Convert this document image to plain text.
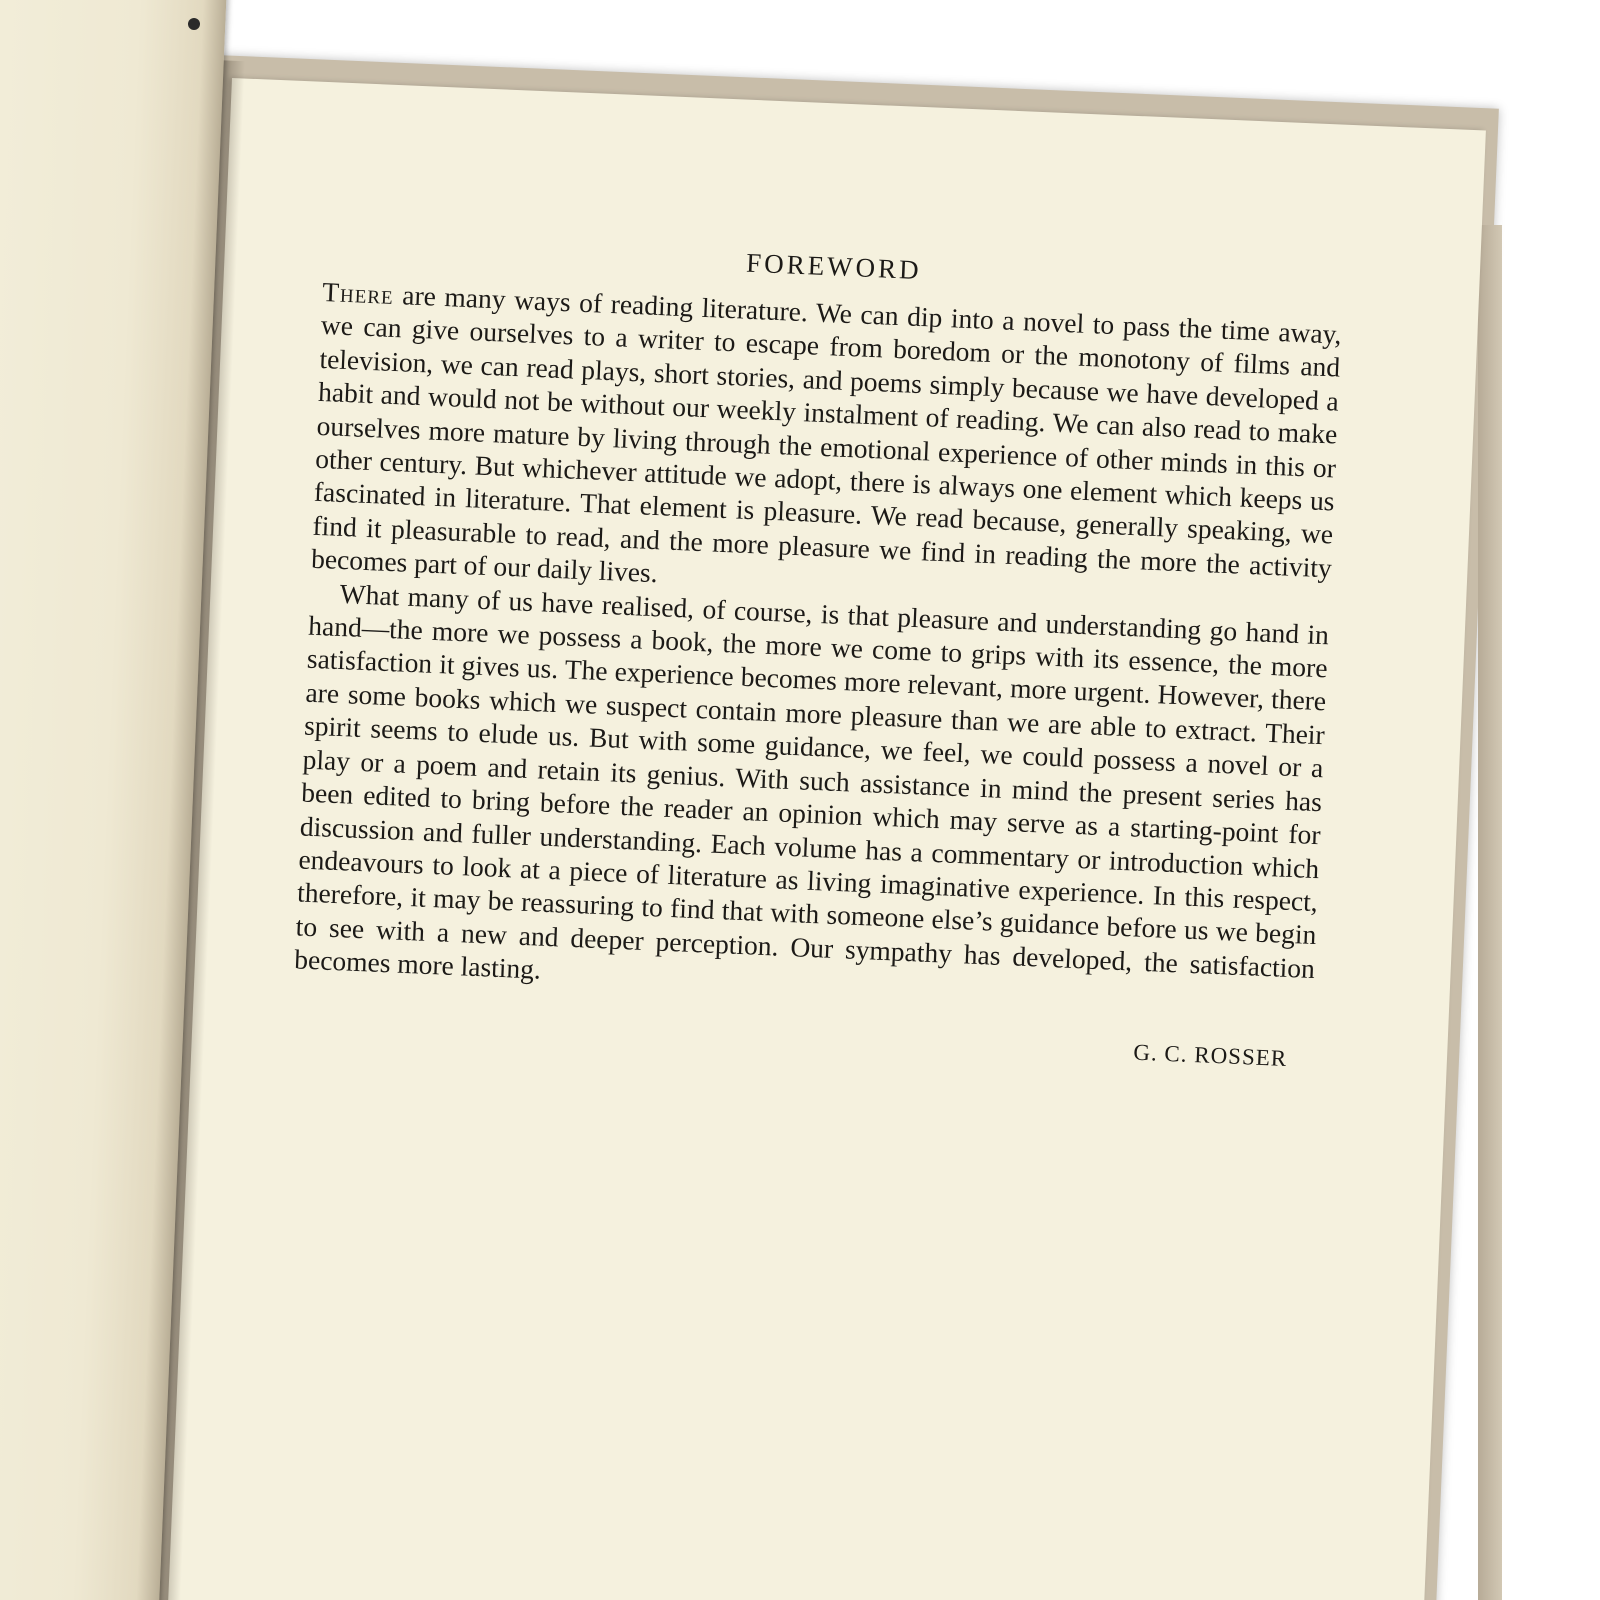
FOREWORD

There are many ways of reading literature. We can dip into a novel to pass the time away, we can give ourselves to a writer to escape from boredom or the monotony of films and television, we can read plays, short stories, and poems simply because we have developed a habit and would not be without our weekly instalment of reading. We can also read to make ourselves more mature by living through the emotional experience of other minds in this or other century. But whichever attitude we adopt, there is always one element which keeps us fascinated in literature. That element is pleasure. We read because, generally speaking, we find it pleasurable to read, and the more pleasure we find in reading the more the activity becomes part of our daily lives.

What many of us have realised, of course, is that pleasure and understanding go hand in hand—the more we possess a book, the more we come to grips with its essence, the more satisfaction it gives us. The experience becomes more relevant, more urgent. However, there are some books which we suspect contain more pleasure than we are able to extract. Their spirit seems to elude us. But with some guidance, we feel, we could possess a novel or a play or a poem and retain its genius. With such assistance in mind the present series has been edited to bring before the reader an opinion which may serve as a starting-point for discussion and fuller understanding. Each volume has a commentary or introduction which endeavours to look at a piece of literature as living imaginative experience. In this respect, therefore, it may be reassuring to find that with someone else’s guidance before us we begin to see with a new and deeper perception. Our sympathy has developed, the satisfaction becomes more lasting.

G. C. ROSSER
